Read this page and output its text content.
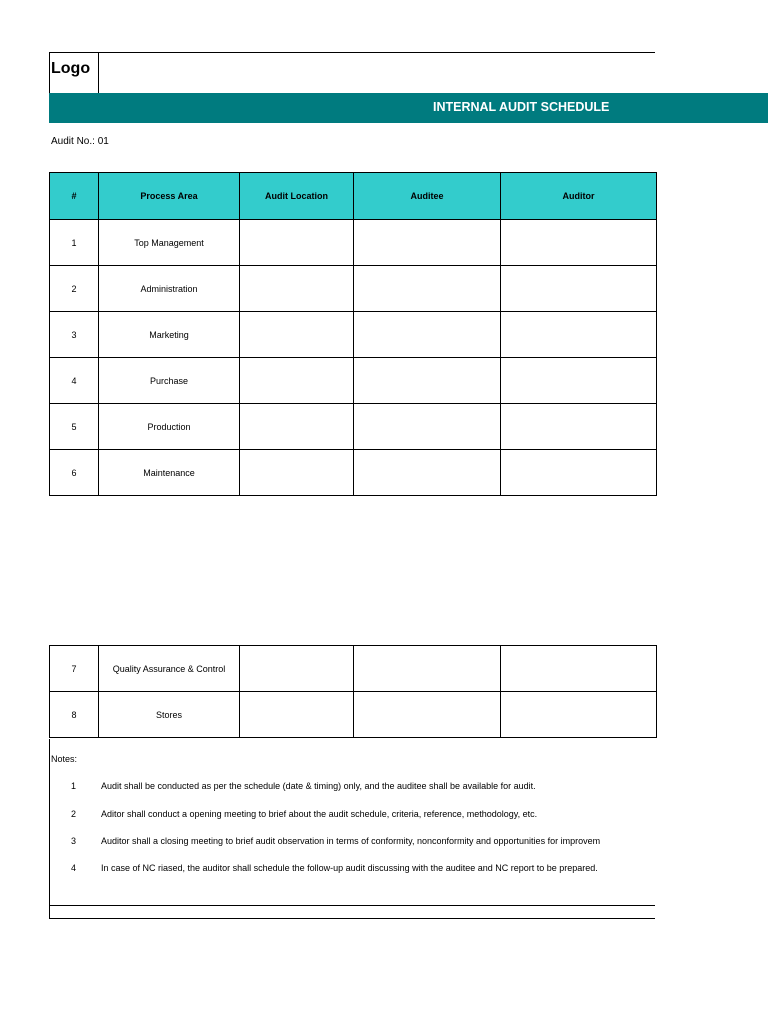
Logo
INTERNAL AUDIT SCHEDULE
Audit No.: 01
#	Process Area	Audit Location	Auditee	Auditor
1	Top Management			
2	Administration			
3	Marketing			
4	Purchase			
5	Production			
6	Maintenance			
7	Quality Assurance & Control			
8	Stores			
Notes:
1	Audit shall be conducted as per the schedule (date & timing) only, and the auditee shall be available for audit.
2	Aditor shall conduct a opening meeting to brief about the audit schedule, criteria, reference, methodology, etc.
3	Auditor shall a closing meeting to brief audit observation in terms of conformity, nonconformity and opportunities for improvem
4	In case of NC riased, the auditor shall schedule the follow-up audit discussing with the auditee and NC report to be prepared.
